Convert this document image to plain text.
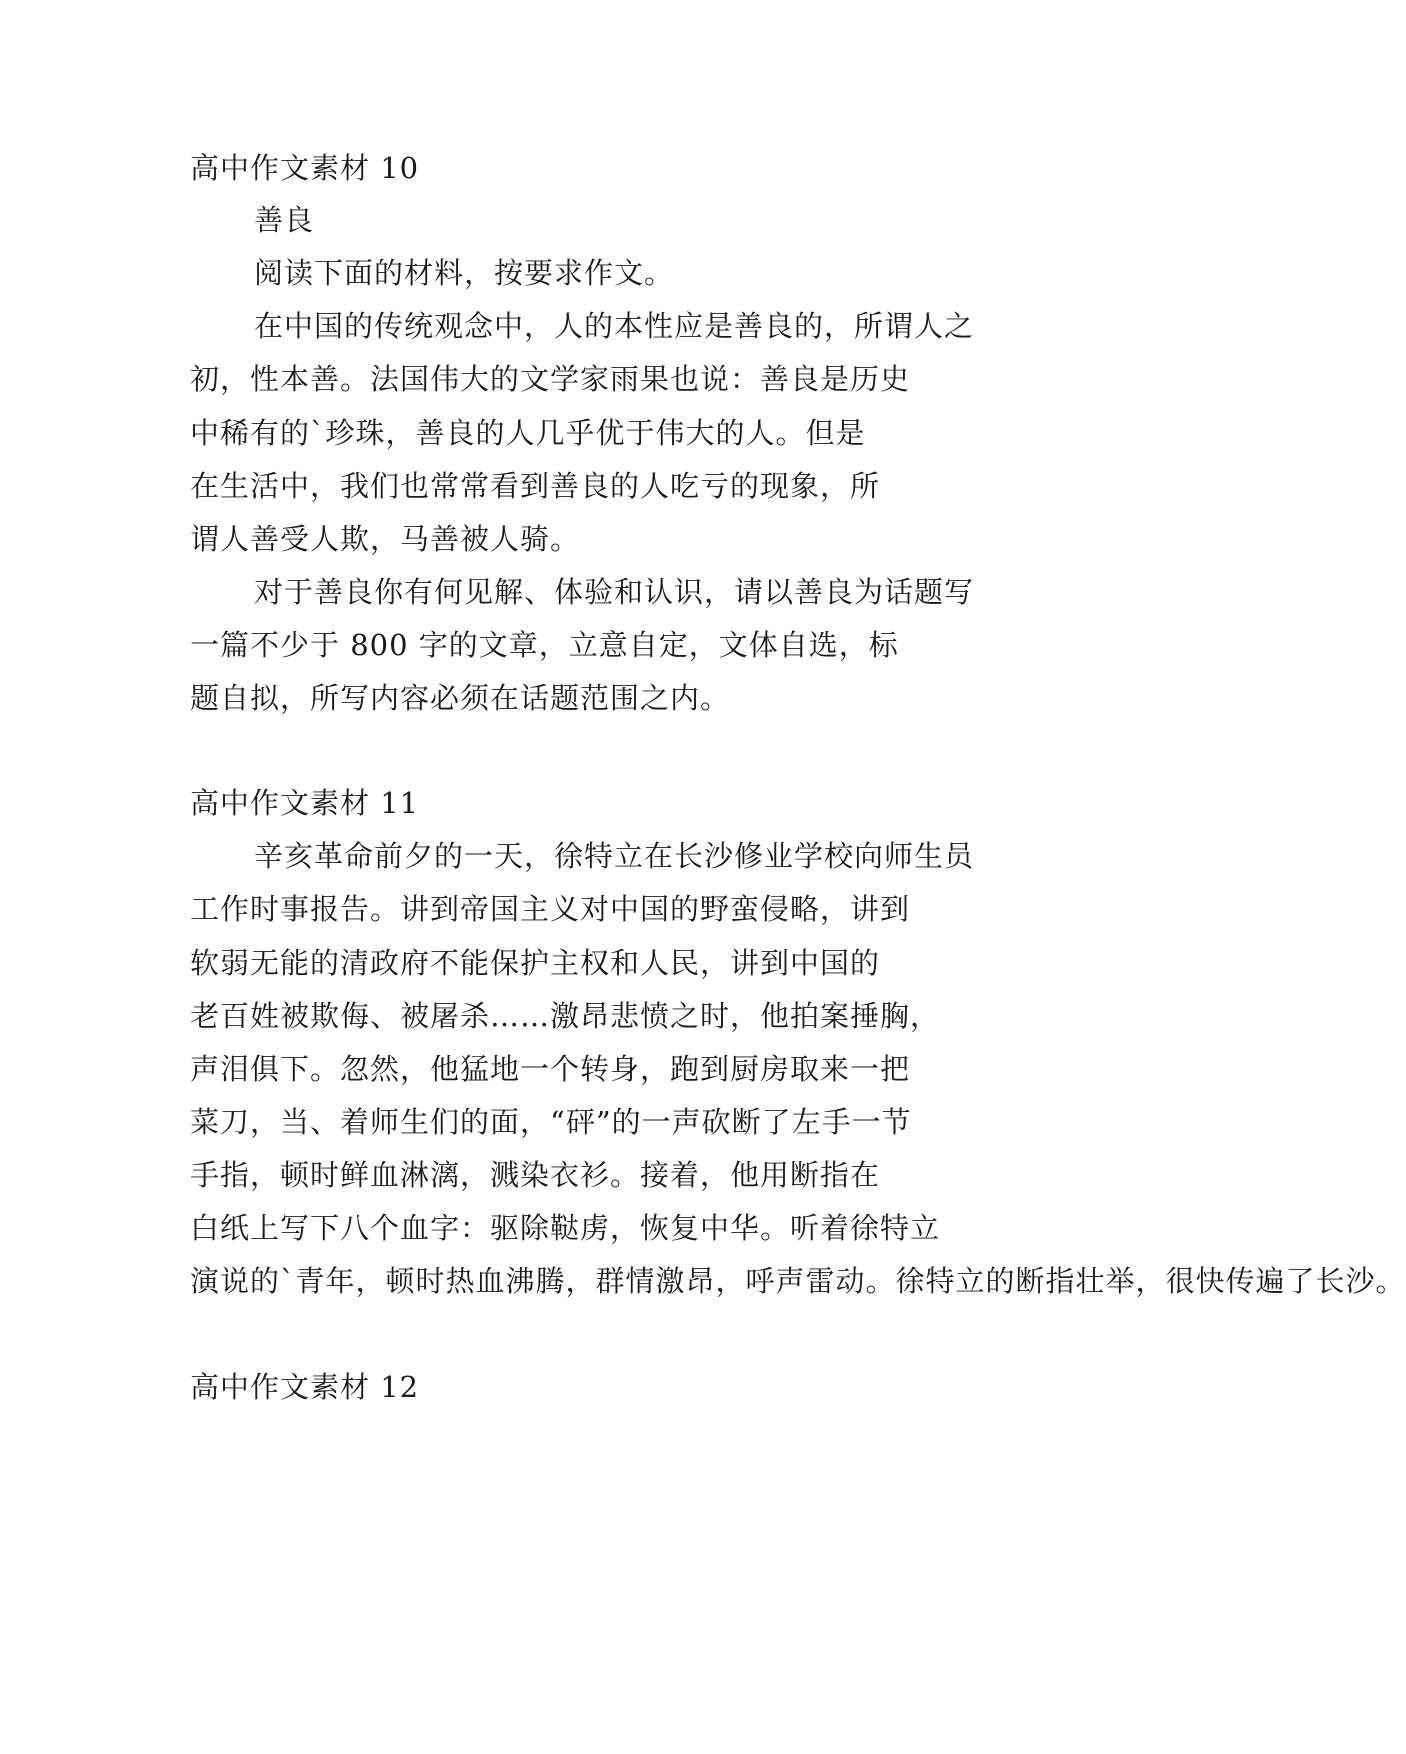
高中作文素材 10
善良
阅读下面的材料，按要求作文。
在中国的传统观念中，人的本性应是善良的，所谓人之
初，性本善。法国伟大的文学家雨果也说：善良是历史
中稀有的`珍珠，善良的人几乎优于伟大的人。但是
在生活中，我们也常常看到善良的人吃亏的现象，所
谓人善受人欺，马善被人骑。
对于善良你有何见解、体验和认识，请以善良为话题写
一篇不少于 800 字的文章，立意自定，文体自选，标
题自拟，所写内容必须在话题范围之内。
高中作文素材 11
辛亥革命前夕的一天，徐特立在长沙修业学校向师生员
工作时事报告。讲到帝国主义对中国的野蛮侵略，讲到
软弱无能的清政府不能保护主权和人民，讲到中国的
老百姓被欺侮、被屠杀……激昂悲愤之时，他拍案捶胸，
声泪俱下。忽然，他猛地一个转身，跑到厨房取来一把
菜刀，当、着师生们的面，“砰”的一声砍断了左手一节
手指，顿时鲜血淋漓，溅染衣衫。接着，他用断指在
白纸上写下八个血字：驱除鞑虏，恢复中华。听着徐特立
演说的`青年，顿时热血沸腾，群情激昂，呼声雷动。徐特立的断指壮举，很快传遍了长沙。
高中作文素材 12
